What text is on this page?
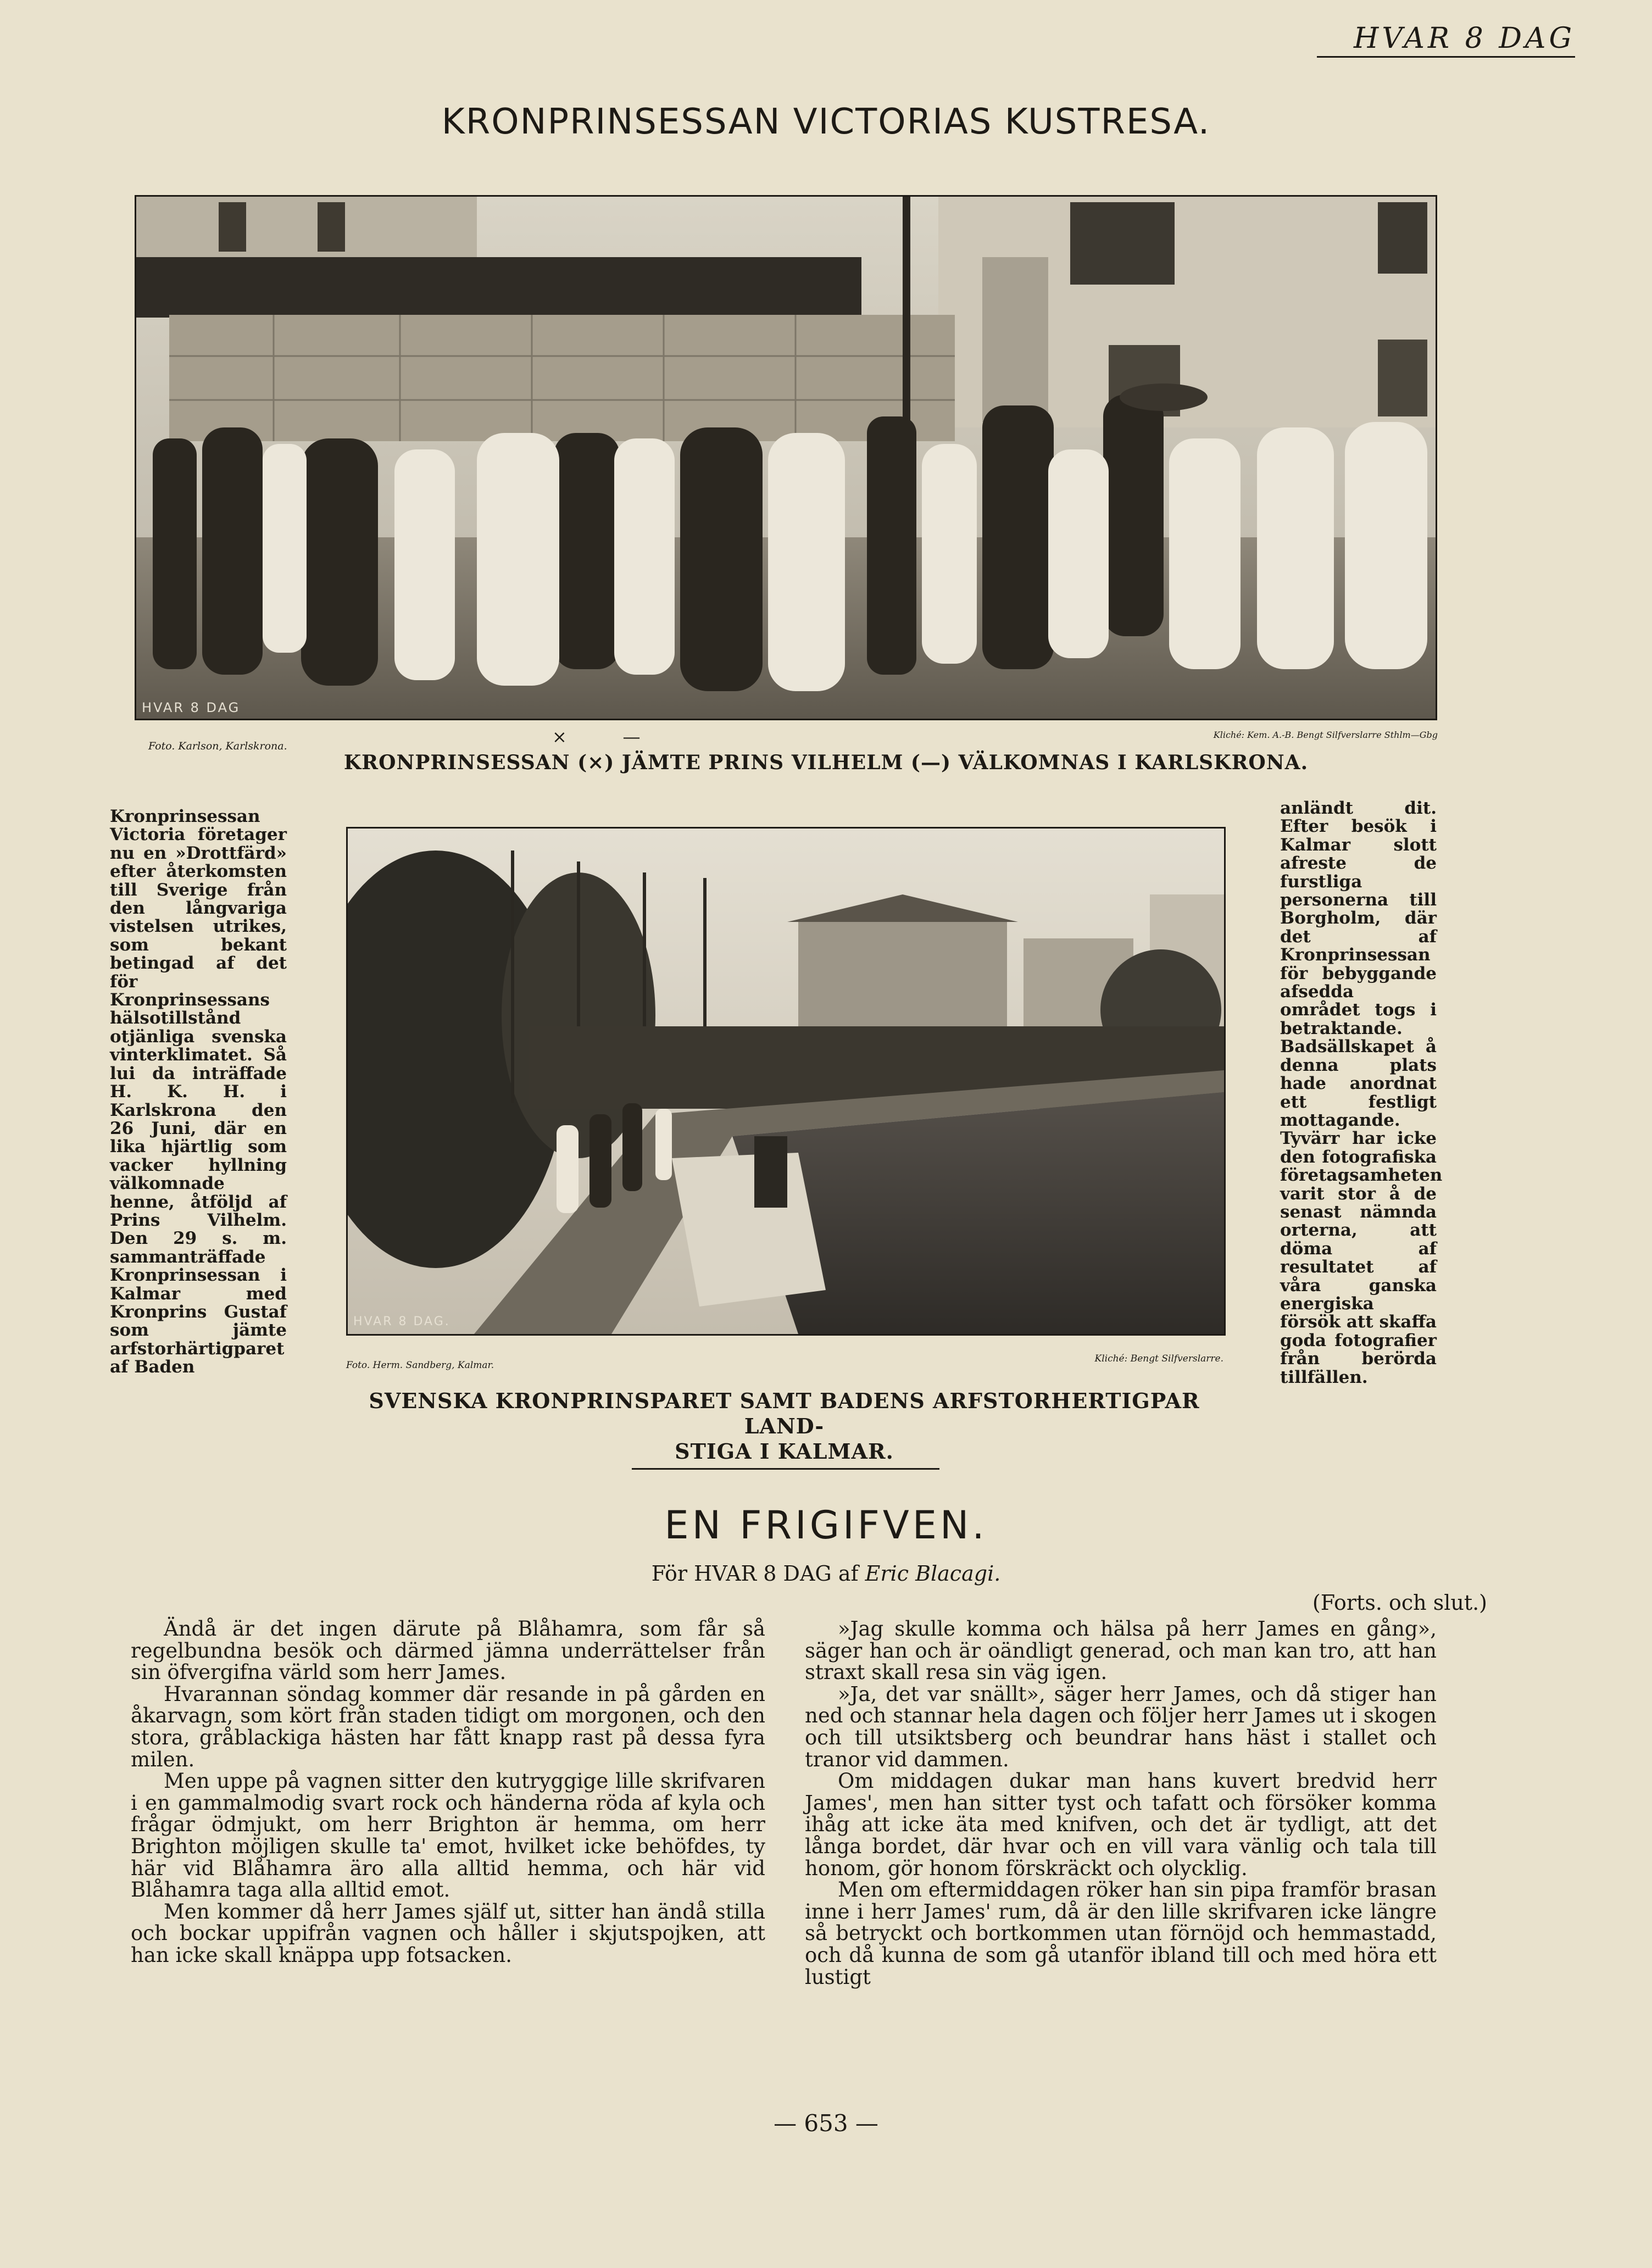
HVAR 8 DAG
KRONPRINSESSAN VICTORIAS KUSTRESA.
HVAR 8 DAG
Foto. Karlson, Karlskrona.
Kliché: Kem. A.-B. Bengt Silfverslarre Sthlm—Gbg
×          —
KRONPRINSESSAN (×) JÄMTE PRINS VILHELM (—) VÄLKOMNAS I KARLSKRONA.
Kronprinsessan Victoria företager nu en »Drottfärd» efter återkomsten till Sverige från den långvariga vistelsen utrikes, som bekant betingad af det för Kronprinsessans hälsotillstånd otjänliga svenska vinterklimatet. Så lui da inträffade H. K. H. i Karlskrona den 26 Juni, där en lika hjärtlig som vacker hyllning välkomnade henne, åtföljd af Prins Vilhelm. Den 29 s. m. sammanträffade Kronprinsessan i Kalmar med Kronprins Gustaf som jämte arfstorhärtigparet af Baden
HVAR 8 DAG.
Foto. Herm. Sandberg, Kalmar.
Kliché: Bengt Silfverslarre.
SVENSKA KRONPRINSPARET SAMT BADENS ARFSTORHERTIGPAR LAND-
STIGA I KALMAR.
anländt dit. Efter besök i Kalmar slott afreste de furstliga personerna till Borgholm, där det af Kronprinsessan för bebyggande afsedda området togs i betraktande. Badsällskapet å denna plats hade anordnat ett festligt mottagande. Tyvärr har icke den fotografiska företagsamheten varit stor å de senast nämnda orterna, att döma af resultatet af våra ganska energiska försök att skaffa goda fotografier från berörda tillfällen.
EN FRIGIFVEN.
För HVAR 8 DAG af Eric Blacagi.
(Forts. och slut.)

Ändå är det ingen därute på Blåhamra, som får så regelbundna besök och därmed jämna underrättelser från sin öfvergifna värld som herr James.

Hvarannan söndag kommer där resande in på gården en åkarvagn, som kört från staden tidigt om morgonen, och den stora, gråblackiga hästen har fått knapp rast på dessa fyra milen.

Men uppe på vagnen sitter den kutryggige lille skrifvaren i en gammalmodig svart rock och händerna röda af kyla och frågar ödmjukt, om herr Brighton är hemma, om herr Brighton möjligen skulle ta' emot, hvilket icke behöfdes, ty här vid Blåhamra äro alla alltid hemma, och här vid Blåhamra taga alla alltid emot.

Men kommer då herr James själf ut, sitter han ändå stilla och bockar uppifrån vagnen och håller i skjutspojken, att han icke skall knäppa upp fotsacken.

»Jag skulle komma och hälsa på herr James en gång», säger han och är oändligt generad, och man kan tro, att han straxt skall resa sin väg igen.

»Ja, det var snällt», säger herr James, och då stiger han ned och stannar hela dagen och följer herr James ut i skogen och till utsiktsberg och beundrar hans häst i stallet och tranor vid dammen.

Om middagen dukar man hans kuvert bredvid herr James', men han sitter tyst och tafatt och försöker komma ihåg att icke äta med knifven, och det är tydligt, att det långa bordet, där hvar och en vill vara vänlig och tala till honom, gör honom förskräckt och olycklig.

Men om eftermiddagen röker han sin pipa framför brasan inne i herr James' rum, då är den lille skrifvaren icke längre så betryckt och bortkommen utan förnöjd och hemmastadd, och då kunna de som gå utanför ibland till och med höra ett lustigt

— 653 —
